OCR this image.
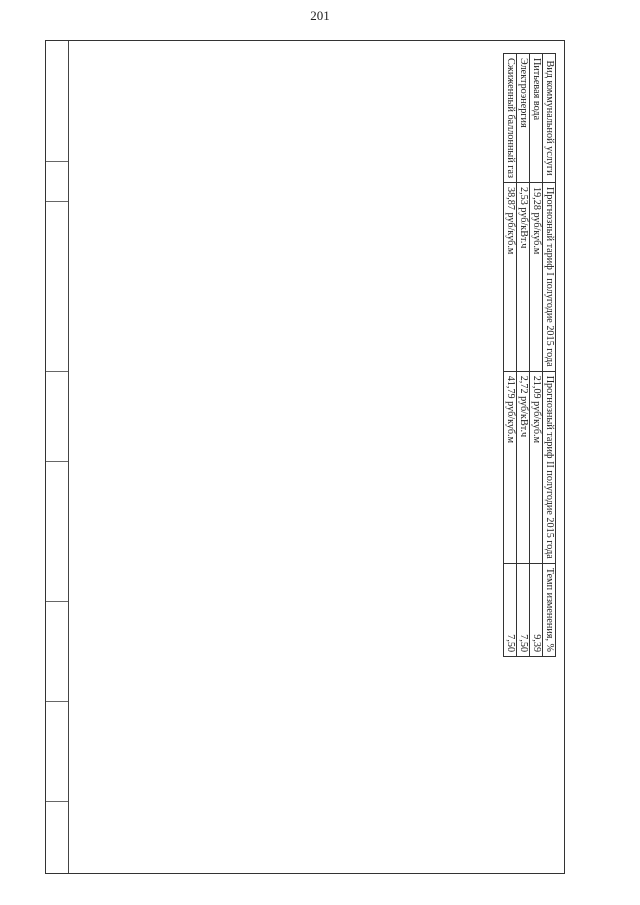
201
Вид коммунальной услуги	Прогнозный тариф I полугодие 2015 года	Прогнозный тариф II полугодие 2015 года	Темп изменения, %
Питьевая вода	19,28 руб/куб.м	21,09 руб/куб.м	9,39
Электроэнергия	2,53 руб/кВт.ч	2,72 руб/кВт.ч	7,50
Сжиженный баллонный газ	38,87 руб/куб.м	41,79 руб/куб.м	7,50
